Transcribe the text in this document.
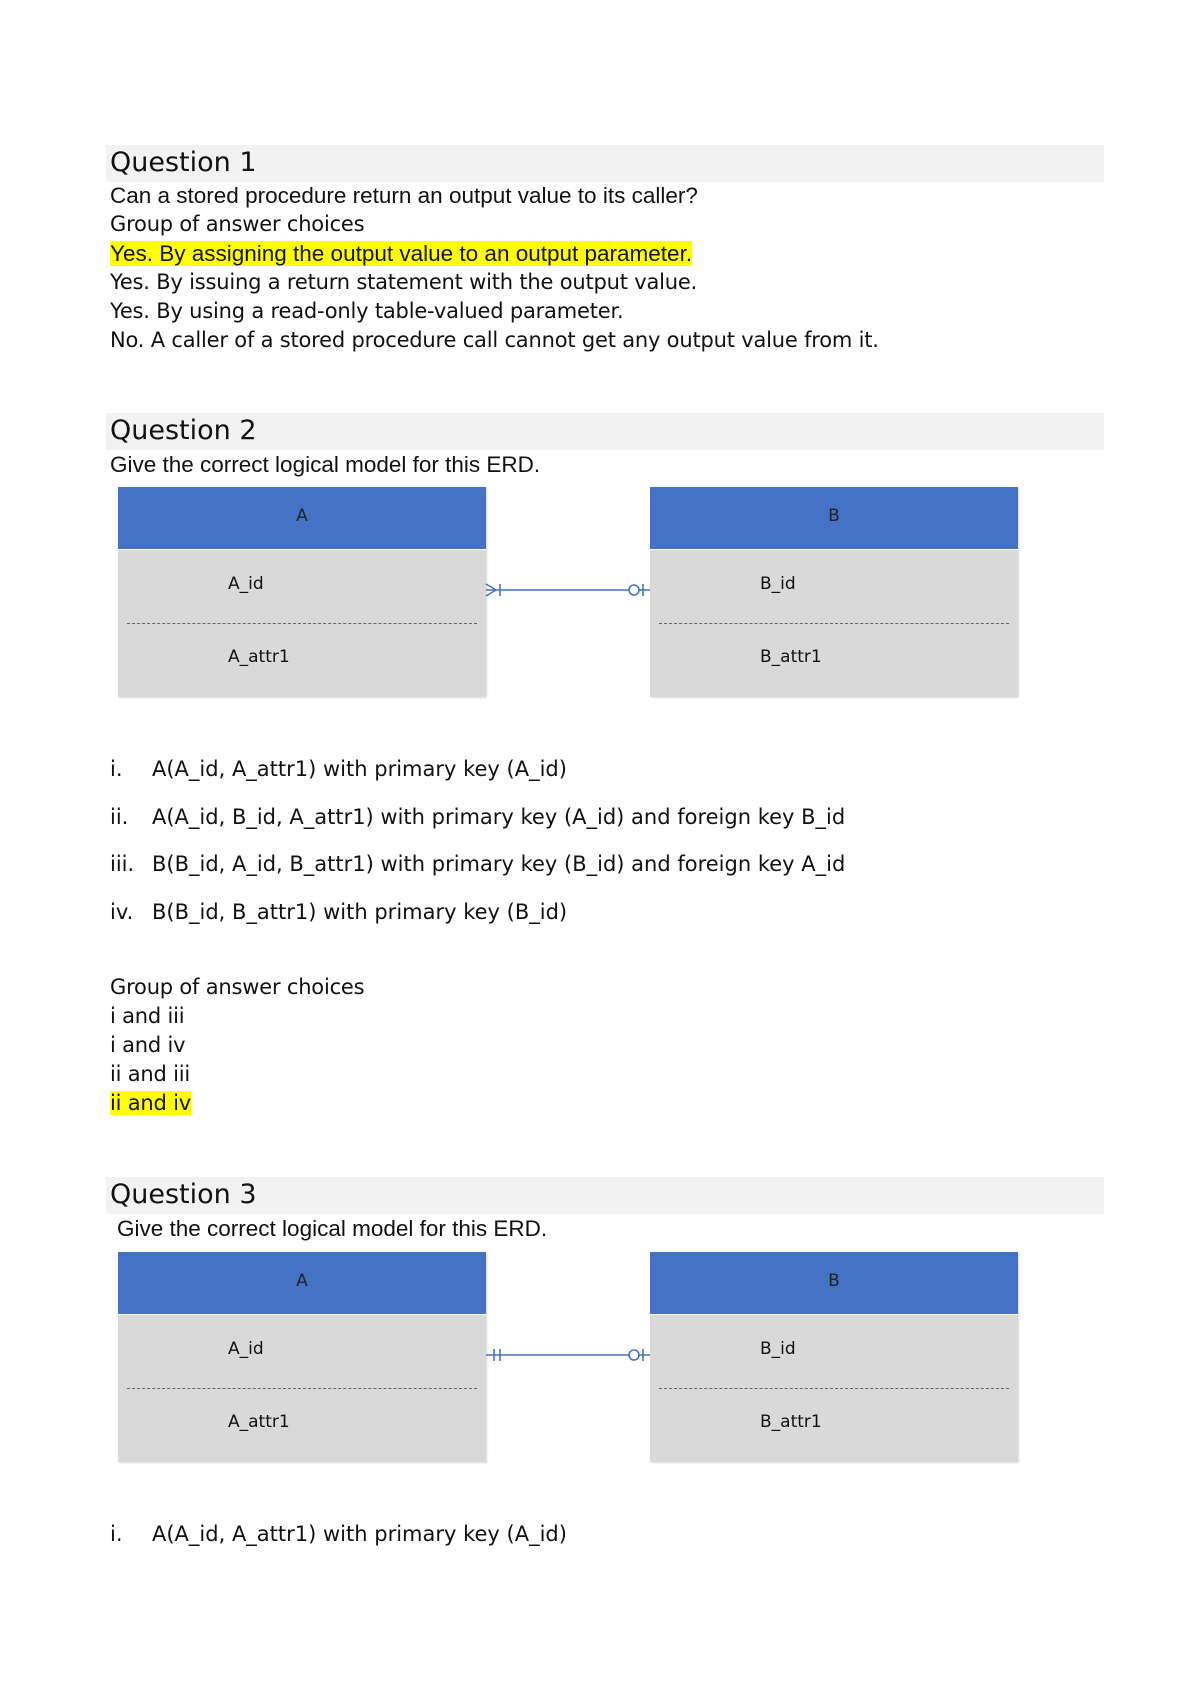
Question 1
Can a stored procedure return an output value to its caller?
Group of answer choices
Yes. By assigning the output value to an output parameter.
Yes. By issuing a return statement with the output value.
Yes. By using a read-only table-valued parameter.
No. A caller of a stored procedure call cannot get any output value from it.
Question 2
Give the correct logical model for this ERD.
A
A_id
A_attr1
B
B_id
B_attr1
i. A(A_id, A_attr1) with primary key (A_id)
ii. A(A_id, B_id, A_attr1) with primary key (A_id) and foreign key B_id
iii. B(B_id, A_id, B_attr1) with primary key (B_id) and foreign key A_id
iv. B(B_id, B_attr1) with primary key (B_id)
Group of answer choices
i and iii
i and iv
ii and iii
ii and iv
Question 3
Give the correct logical model for this ERD.
A
A_id
A_attr1
B
B_id
B_attr1
i. A(A_id, A_attr1) with primary key (A_id)
